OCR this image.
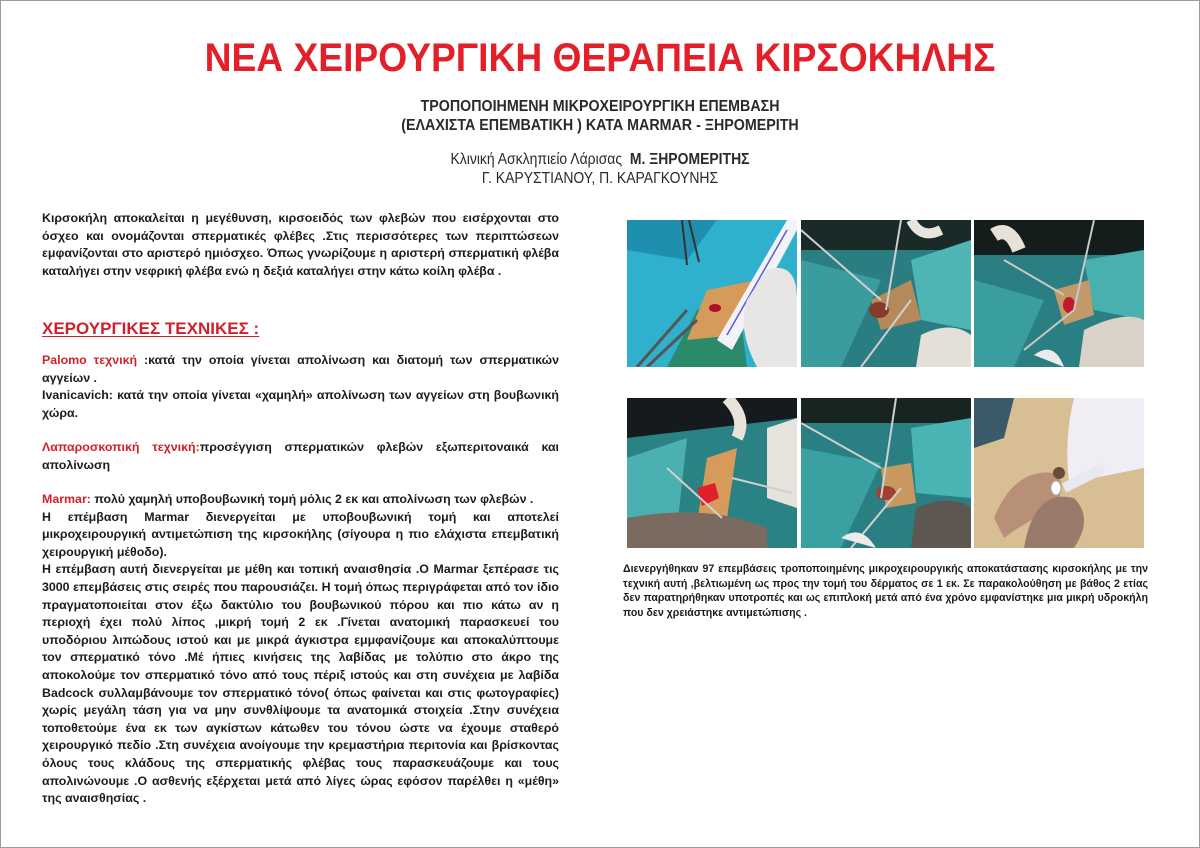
ΝΕΑ ΧΕΙΡΟΥΡΓΙΚΗ ΘΕΡΑΠΕΙΑ ΚΙΡΣΟΚΗΛΗΣ
ΤΡΟΠΟΠΟΙΗΜΕΝΗ ΜΙΚΡΟΧΕΙΡΟΥΡΓΙΚΗ ΕΠΕΜΒΑΣΗ
(ΕΛΑΧΙΣΤΑ ΕΠΕΜΒΑΤΙΚΗ ) ΚΑΤΑ MARMAR - ΞΗΡΟΜΕΡΙΤΗ
Κλινική Ασκληπιείο Λάρισας Μ. ΞΗΡΟΜΕΡΙΤΗΣ
Γ. ΚΑΡΥΣΤΙΑΝΟΥ, Π. ΚΑΡΑΓΚΟΥΝΗΣ
Κιρσοκήλη αποκαλείται η μεγέθυνση, κιρσοειδός των φλεβών που εισέρχονται στο όσχεο και ονομάζονται σπερματικές φλέβες .Στις περισσότερες των περιπτώσεων εμφανίζονται στο αριστερό ημιόσχεο. Όπως γνωρίζουμε η αριστερή σπερματική φλέβα καταλήγει στην νεφρική φλέβα ενώ η δεξιά καταλήγει στην κάτω κοίλη φλέβα .
ΧΕΡΟΥΡΓΙΚΕΣ ΤΕΧΝΙΚΕΣ :

Palomo τεχνική :κατά την οποία γίνεται απολίνωση και διατομή των σπερματικών αγγείων .

Ivanicavich: κατά την οποία γίνεται «χαμηλή» απολίνωση των αγγείων στη βουβωνική χώρα.

Λαπαροσκοπική τεχνική:προσέγγιση σπερματικών φλεβών εξωπεριτοναικά και απολίνωση

Marmar: πολύ χαμηλή υποβουβωνική τομή μόλις 2 εκ και απολίνωση των φλεβών .

Η επέμβαση Marmar διενεργείται με υποβουβωνική τομή και αποτελεί μικροχειρουργική αντιμετώπιση της κιρσοκήλης (σίγουρα η πιο ελάχιστα επεμβατική χειρουργική μέθοδο).

Η επέμβαση αυτή διενεργείται με μέθη και τοπική αναισθησία .Ο Marmar ξεπέρασε τις 3000 επεμβάσεις στις σειρές που παρουσιάζει. Η τομή όπως περιγράφεται από τον ίδιο πραγματοποιείται στον έξω δακτύλιο του βουβωνικού πόρου και πιο κάτω αν η περιοχή έχει πολύ λίπος ,μικρή τομή 2 εκ .Γίνεται ανατομική παρασκευεί του υποδόριου λιπώδους ιστού και με μικρά άγκιστρα εμμφανίζουμε και αποκαλύπτουμε τον σπερματικό τόνο .Μέ ήπιες κινήσεις της λαβίδας με τολύπιο στο άκρο της αποκολούμε τον σπερματικό τόνο από τους πέριξ ιστούς και στη συνέχεια με λαβίδα Badcock συλλαμβάνουμε τον σπερματικό τόνο( όπως φαίνεται και στις φωτογραφίες) χωρίς μεγάλη τάση για να μην συνθλίψουμε τα ανατομικά στοιχεία .Στην συνέχεια τοποθετούμε ένα εκ των αγκίστων κάτωθεν του τόνου ώστε να έχουμε σταθερό χειρουργικό πεδίο .Στη συνέχεια ανοίγουμε την κρεμαστήρια περιτονία και βρίσκοντας όλους τους κλάδους της σπερματικής φλέβας τους παρασκευάζουμε και τους απολινώνουμε .Ο ασθενής εξέρχεται μετά από λίγες ώρας εφόσον παρέλθει η «μέθη» της αναισθησίας .

Διενεργήθηκαν 97 επεμβάσεις τροποποιημένης μικροχειρουργικής αποκατάστασης κιρσοκήλης με την τεχνική αυτή ,βελτιωμένη ως προς την τομή του δέρματος σε 1 εκ. Σε παρακολούθηση με βάθος 2 ετίας δεν παρατηρήθηκαν υποτροπές και ως επιπλοκή μετά από ένα χρόνο εμφανίστηκε μια μικρή υδροκήλη που δεν χρειάστηκε αντιμετώπισης .
